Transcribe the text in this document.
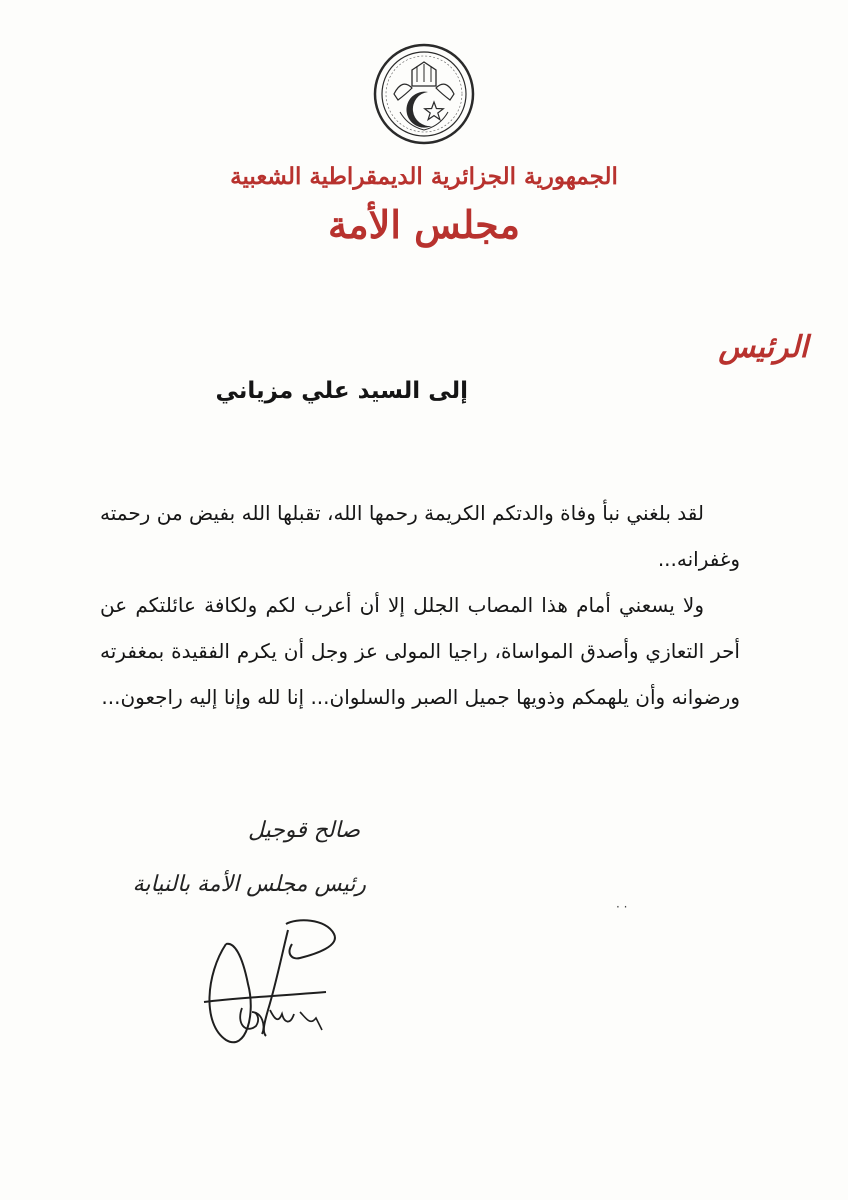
الجمهورية الجزائرية الديمقراطية الشعبية
مجلس الأمة
الرئيس
إلى السيد علي مزياني

لقد بلغني نبأ وفاة والدتكم الكريمة رحمها الله، تقبلها الله بفيض من رحمته وغفرانه...

ولا يسعني أمام هذا المصاب الجلل إلا أن أعرب لكم ولكافة عائلتكم عن أحر التعازي وأصدق المواساة، راجيا المولى عز وجل أن يكرم الفقيدة بمغفرته ورضوانه وأن يلهمكم وذويها جميل الصبر والسلوان... إنا لله وإنا إليه راجعون...

صالح قوجيل
رئيس مجلس الأمة بالنيابة
· ·
